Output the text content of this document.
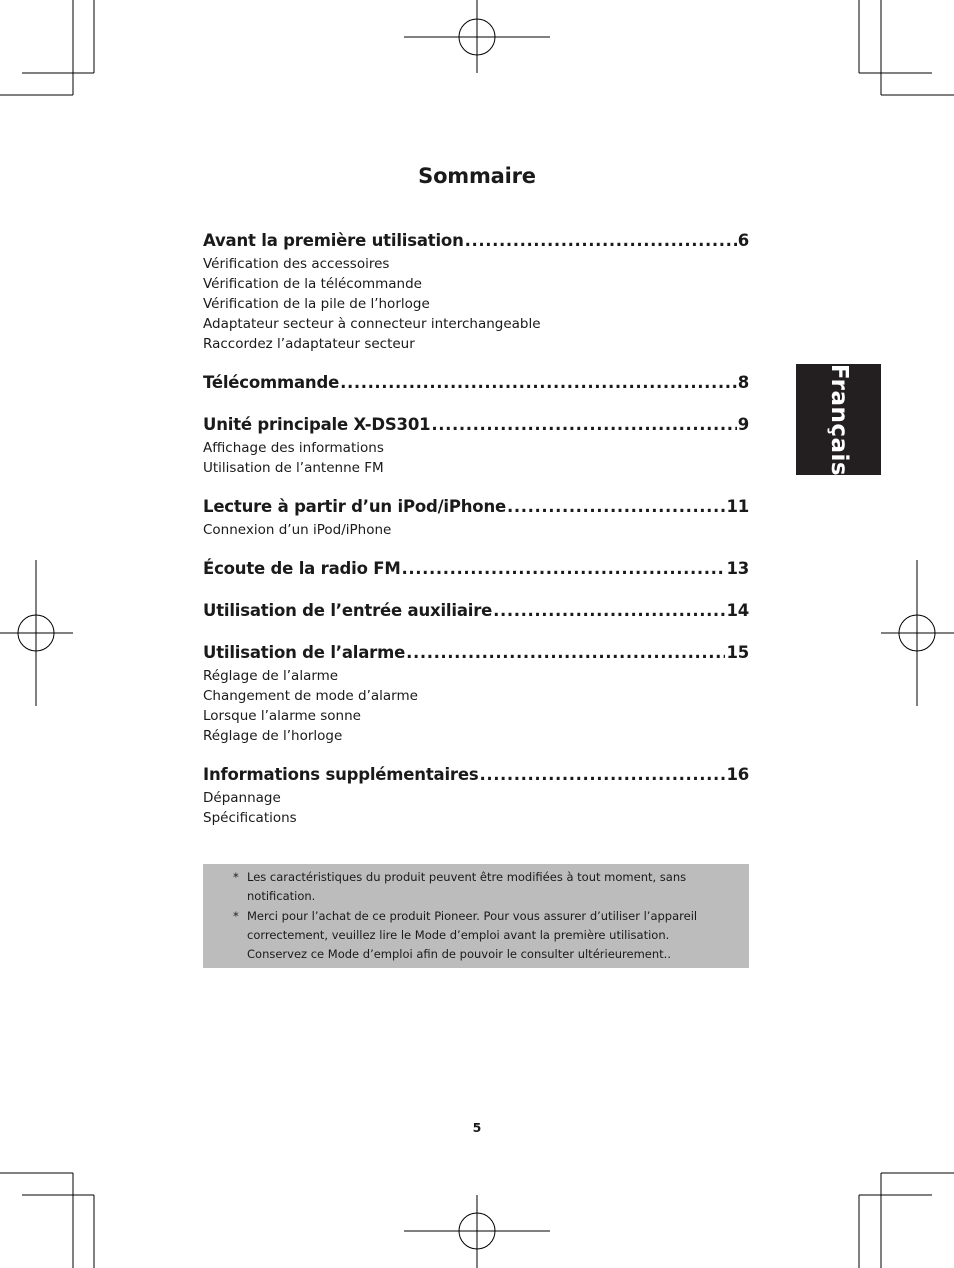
Sommaire
Avant la première utilisation .....	6
Vérification des accessoires
Vérification de la télécommande
Vérification de la pile de l’horloge
Adaptateur secteur à connecteur interchangeable
Raccordez l’adaptateur secteur
Télécommande .....	8
Unité principale X-DS301 .....	9
Affichage des informations
Utilisation de l’antenne FM
Lecture à partir d’un iPod/iPhone .....	11
Connexion d’un iPod/iPhone
Écoute de la radio FM .....	13
Utilisation de l’entrée auxiliaire .....	14
Utilisation de l’alarme .....	15
Réglage de l’alarme
Changement de mode d’alarme
Lorsque l’alarme sonne
Réglage de l’horloge
Informations supplémentaires .....	16
Dépannage
Spécifications
* Les caractéristiques du produit peuvent être modifiées à tout moment, sans notification.
* Merci pour l’achat de ce produit Pioneer. Pour vous assurer d’utiliser l’appareil correctement, veuillez lire le Mode d’emploi avant la première utilisation. Conservez ce Mode d’emploi afin de pouvoir le consulter ultérieurement..
Français
5
